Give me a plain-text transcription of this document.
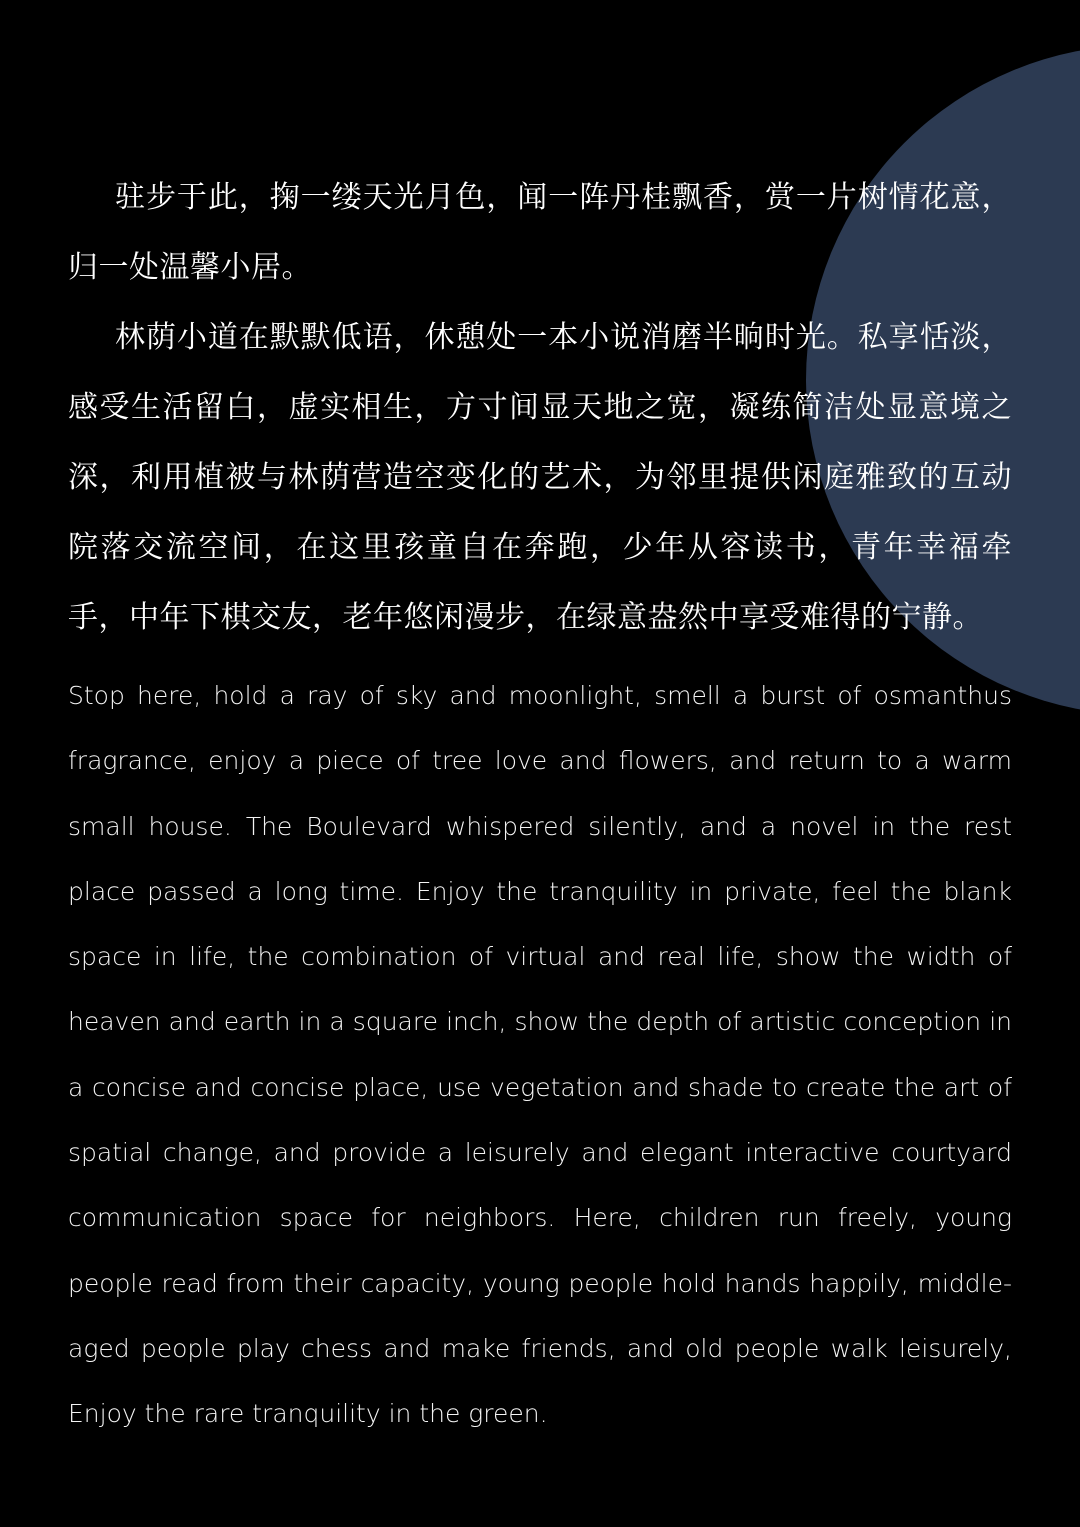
驻步于此，掬一缕天光月色，闻一阵丹桂飘香，赏一片树情花意，归一处温馨小居。

林荫小道在默默低语，休憩处一本小说消磨半晌时光。私享恬淡，感受生活留白，虚实相生，方寸间显天地之宽，凝练简洁处显意境之深，利用植被与林荫营造空变化的艺术，为邻里提供闲庭雅致的互动院落交流空间，在这里孩童自在奔跑，少年从容读书，青年幸福牵手，中年下棋交友，老年悠闲漫步，在绿意盎然中享受难得的宁静。

Stop here, hold a ray of sky and moonlight, smell a burst of osmanthus fragrance, enjoy a piece of tree love and flowers, and return to a warm small house. The Boulevard whispered silently, and a novel in the rest place passed a long time. Enjoy the tranquility in private, feel the blank space in life, the combination of virtual and real life, show the width of heaven and earth in a square inch, show the depth of artistic conception in a concise and concise place, use vegetation and shade to create the art of spatial change, and provide a leisurely and elegant interactive courtyard communication space for neighbors. Here, children run freely, young people read from their capacity, young people hold hands happily, middle-aged people play chess and make friends, and old people walk leisurely, Enjoy the rare tranquility in the green.
